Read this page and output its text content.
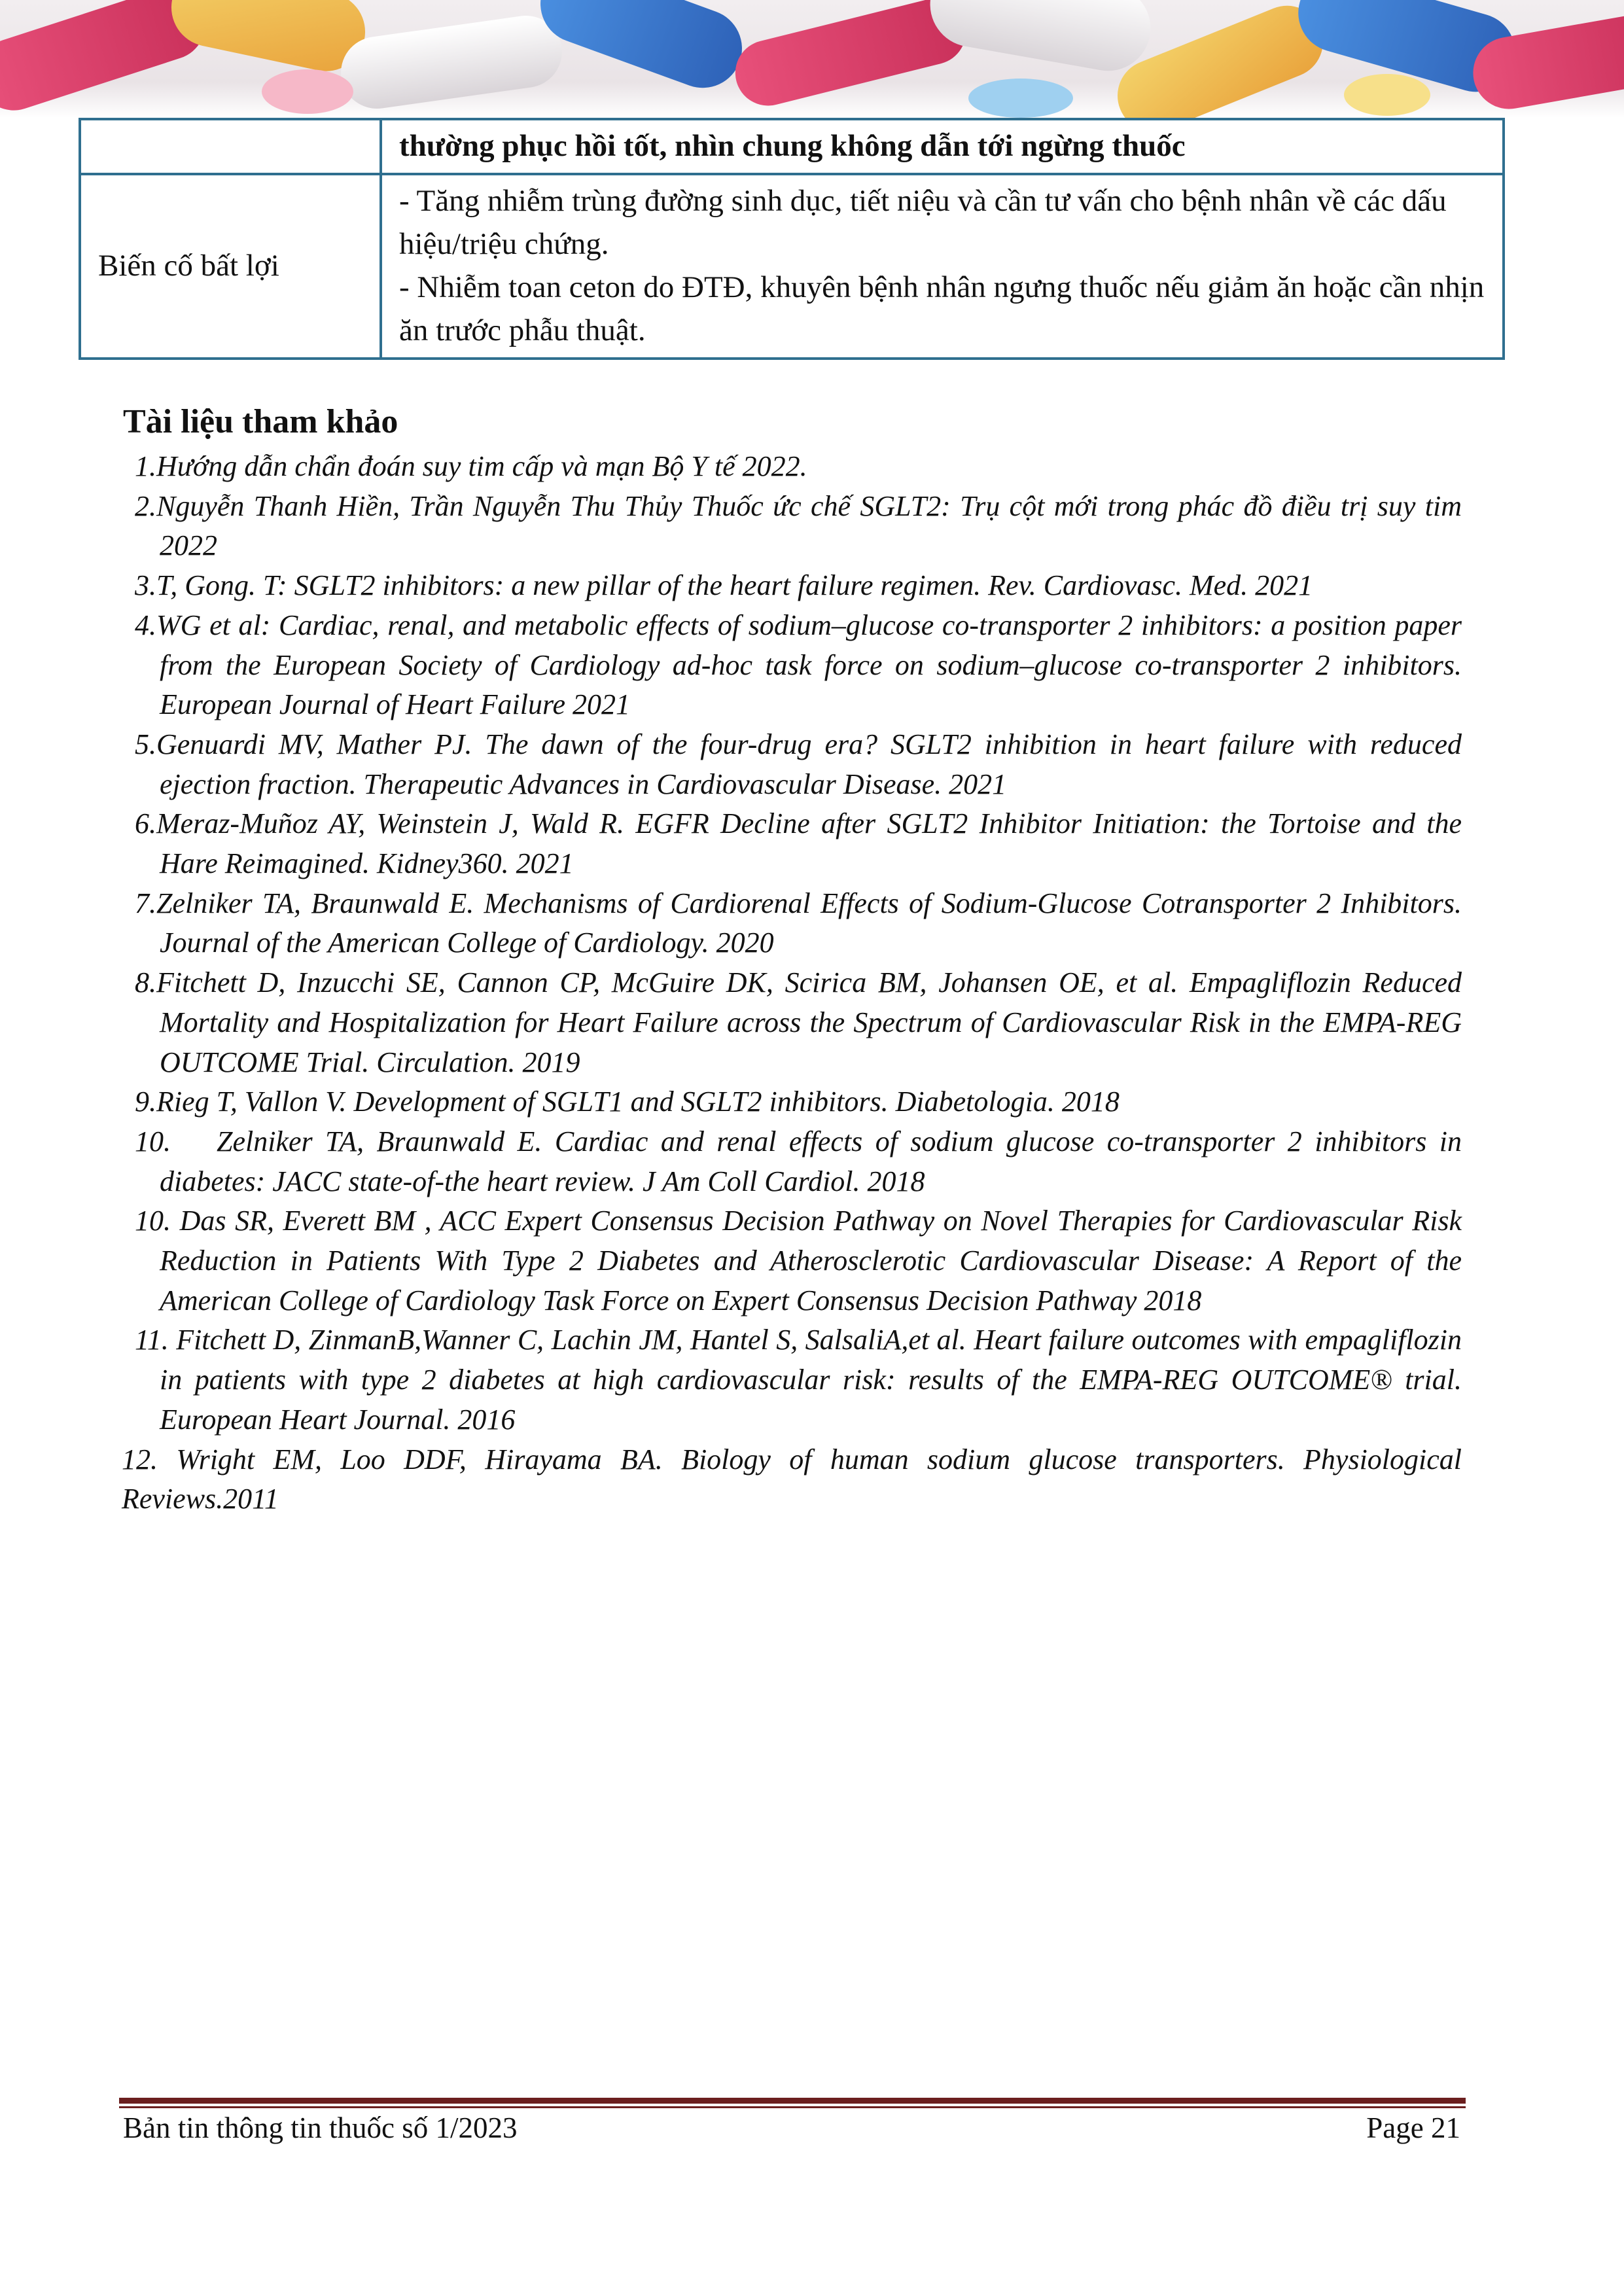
	thường phục hồi tốt, nhìn chung không dẫn tới ngừng thuốc
Biến cố bất lợi	- Tăng nhiễm trùng đường sinh dục, tiết niệu và cần tư vấn cho bệnh nhân về các dấu hiệu/triệu chứng.
- Nhiễm toan ceton do ĐTĐ, khuyên bệnh nhân ngưng thuốc nếu giảm ăn hoặc cần nhịn ăn trước phẫu thuật.
Tài liệu tham khảo
1.Hướng dẫn chẩn đoán suy tim cấp và mạn Bộ Y tế 2022.
2.Nguyễn Thanh Hiền, Trần Nguyễn Thu Thủy Thuốc ức chế SGLT2: Trụ cột mới trong phác đồ điều trị suy tim 2022
3.T, Gong. T: SGLT2 inhibitors: a new pillar of the heart failure regimen. Rev. Cardiovasc. Med. 2021
4.WG et al: Cardiac, renal, and metabolic effects of sodium–glucose co-transporter 2 inhibitors: a position paper from the European Society of Cardiology ad-hoc task force on sodium–glucose co-transporter 2 inhibitors. European Journal of Heart Failure 2021
5.Genuardi MV, Mather PJ. The dawn of the four-drug era? SGLT2 inhibition in heart failure with reduced ejection fraction. Therapeutic Advances in Cardiovascular Disease. 2021
6.Meraz-Muñoz AY, Weinstein J, Wald R. EGFR Decline after SGLT2 Inhibitor Initiation: the Tortoise and the Hare Reimagined. Kidney360. 2021
7.Zelniker TA, Braunwald E. Mechanisms of Cardiorenal Effects of Sodium-Glucose Cotransporter 2 Inhibitors. Journal of the American College of Cardiology. 2020
8.Fitchett D, Inzucchi SE, Cannon CP, McGuire DK, Scirica BM, Johansen OE, et al. Empagliflozin Reduced Mortality and Hospitalization for Heart Failure across the Spectrum of Cardiovascular Risk in the EMPA-REG OUTCOME Trial. Circulation. 2019
9.Rieg T, Vallon V. Development of SGLT1 and SGLT2 inhibitors. Diabetologia. 2018
10. Zelniker TA, Braunwald E. Cardiac and renal effects of sodium glucose co-transporter 2 inhibitors in diabetes: JACC state-of-the heart review. J Am Coll Cardiol. 2018
10. Das SR, Everett BM , ACC Expert Consensus Decision Pathway on Novel Therapies for Cardiovascular Risk Reduction in Patients With Type 2 Diabetes and Atherosclerotic Cardiovascular Disease: A Report of the American College of Cardiology Task Force on Expert Consensus Decision Pathway 2018
11. Fitchett D, ZinmanB,Wanner C, Lachin JM, Hantel S, SalsaliA,et al. Heart failure outcomes with empagliflozin in patients with type 2 diabetes at high cardiovascular risk: results of the EMPA-REG OUTCOME® trial. European Heart Journal. 2016
12. Wright EM, Loo DDF, Hirayama BA. Biology of human sodium glucose transporters. Physiological Reviews.2011
Bản tin thông tin thuốc số 1/2023	Page 21
